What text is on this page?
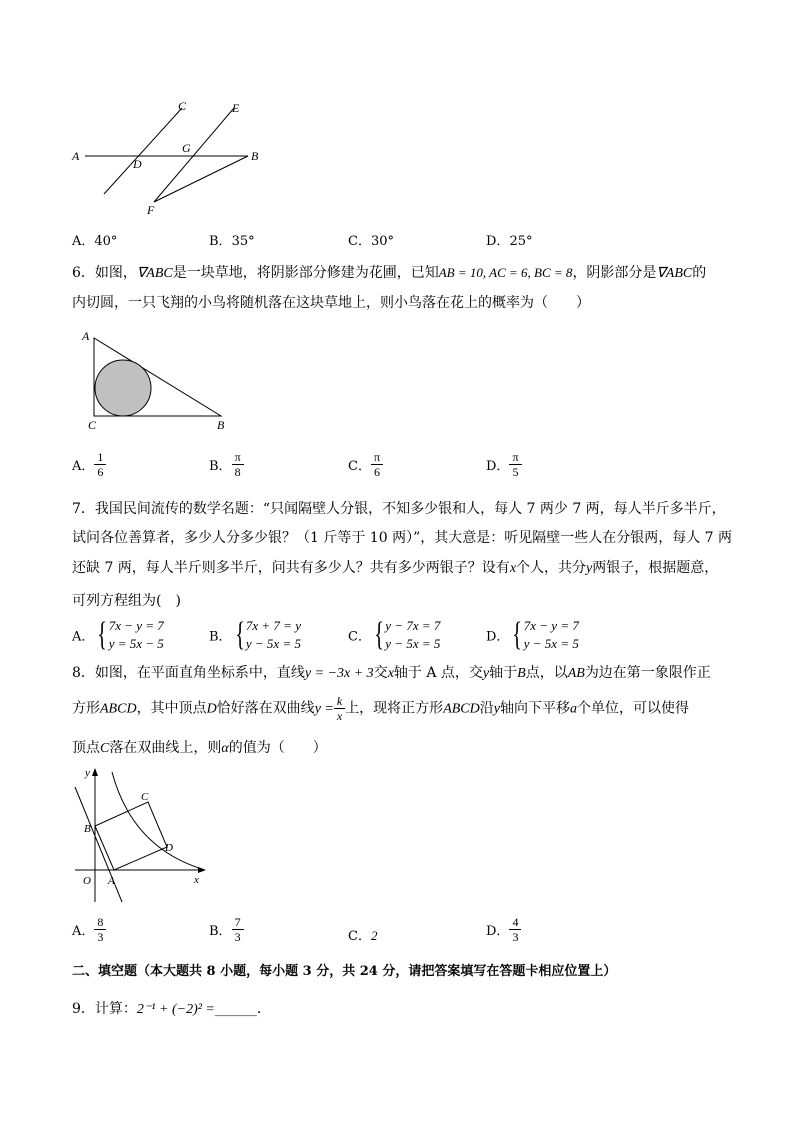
A	B
C
D
E
F
G
A．40°	B．35°	C．30°	D．25°
6．如图，∇ABC是一块草地，将阴影部分修建为花圃，已知AB = 10, AC = 6, BC = 8，阴影部分是∇ABC的
内切圆，一只飞翔的小鸟将随机落在这块草地上，则小鸟落在花上的概率为（　　）
A
C	B
A． $\frac{1}{6}$	B． $\frac{\pi}{8}$	C． $\frac{\pi}{6}$	D． $\frac{\pi}{5}$
7．我国民间流传的数学名题：“只闻隔壁人分银，不知多少银和人，每人 7 两少 7 两，每人半斤多半斤，
试问各位善算者，多少人分多少银？（1 斤等于 10 两）”，其大意是：听见隔壁一些人在分银两，每人 7 两
还缺 7 两，每人半斤则多半斤，问共有多少人？共有多少两银子？设有x个人，共分y两银子，根据题意，
可列方程组为(　)
A． { 7x − y = 7
y = 5x − 5	B． { 7x + 7 = y
y − 5x = 5	C． { y − 7x = 7
y − 5x = 5	D． { 7x − y = 7
y − 5x = 5
8．如图，在平面直角坐标系中，直线y = −3x + 3交x轴于 A 点，交y轴于B点，以AB为边在第一象限作正
方形ABCD，其中顶点D恰好落在双曲线$y = \frac{k}{x}$ 上，现将正方形ABCD沿y轴向下平移a个单位，可以使得
顶点C落在双曲线上，则α的值为（　　）
y
x
O A
B
C
D
A． $\frac{8}{3}$	B． $\frac{7}{3}$	C．2	D． $\frac{4}{3}$
二、填空题（本大题共 8 小题，每小题 3 分，共 24 分，请把答案填写在答题卡相应位置上）
9．计算：2⁻¹ + (−2)² =______．
